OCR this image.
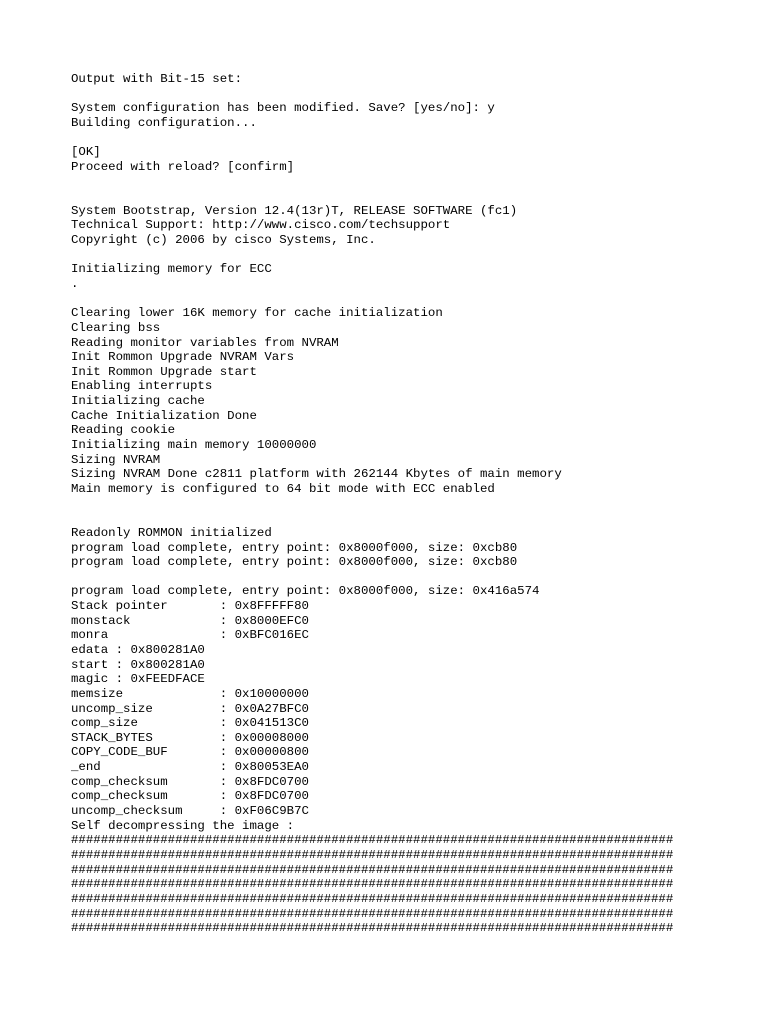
Output with Bit-15 set:
System configuration has been modified. Save? [yes/no]: y
Building configuration...
[OK]
Proceed with reload? [confirm]
System Bootstrap, Version 12.4(13r)T, RELEASE SOFTWARE (fc1)
Technical Support: http://www.cisco.com/techsupport
Copyright (c) 2006 by cisco Systems, Inc.
Initializing memory for ECC
.
Clearing lower 16K memory for cache initialization
Clearing bss
Reading monitor variables from NVRAM
Init Rommon Upgrade NVRAM Vars
Init Rommon Upgrade start
Enabling interrupts
Initializing cache
Cache Initialization Done
Reading cookie
Initializing main memory 10000000
Sizing NVRAM
Sizing NVRAM Done c2811 platform with 262144 Kbytes of main memory
Main memory is configured to 64 bit mode with ECC enabled
Readonly ROMMON initialized
program load complete, entry point: 0x8000f000, size: 0xcb80
program load complete, entry point: 0x8000f000, size: 0xcb80
program load complete, entry point: 0x8000f000, size: 0x416a574
Stack pointer       : 0x8FFFFF80
monstack            : 0x8000EFC0
monra               : 0xBFC016EC
edata : 0x800281A0
start : 0x800281A0
magic : 0xFEEDFACE
memsize             : 0x10000000
uncomp_size         : 0x0A27BFC0
comp_size           : 0x041513C0
STACK_BYTES         : 0x00008000
COPY_CODE_BUF       : 0x00000800
_end                : 0x80053EA0
comp_checksum       : 0x8FDC0700
comp_checksum       : 0x8FDC0700
uncomp_checksum     : 0xF06C9B7C
Self decompressing the image :
#################################################################################
#################################################################################
#################################################################################
#################################################################################
#################################################################################
#################################################################################
#################################################################################
